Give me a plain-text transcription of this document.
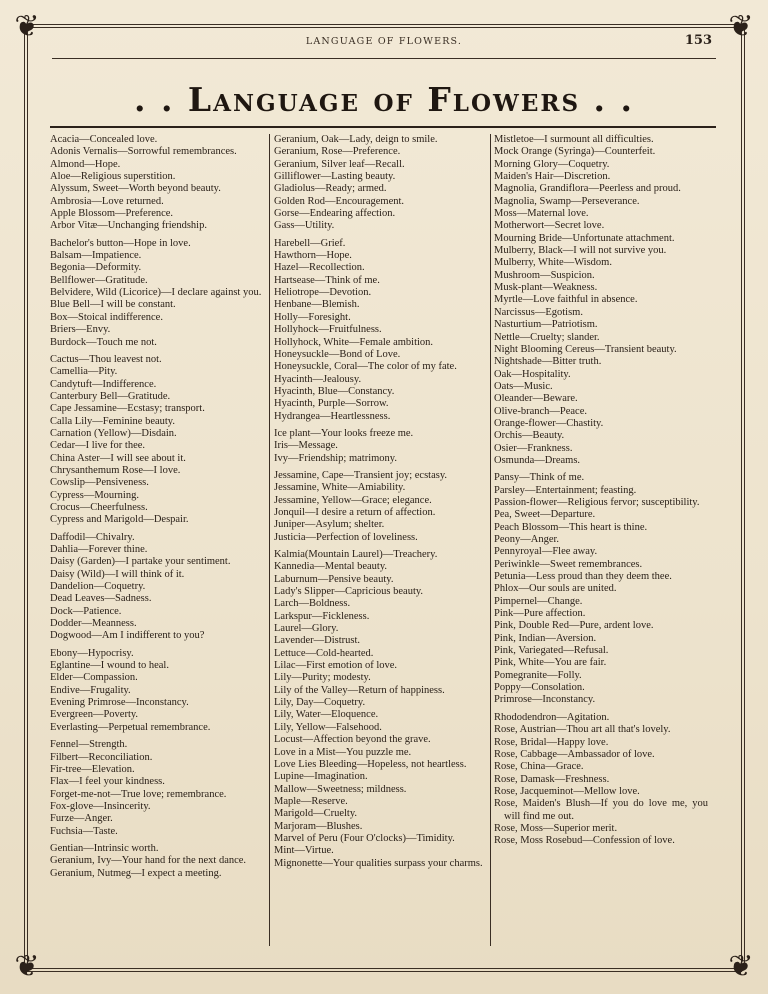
❦	❦
❦	❦
LANGUAGE OF FLOWERS.	153
. . Language of Flowers . .
Acacia—Concealed love.
Adonis Vernalis—Sorrowful remembrances.
Almond—Hope.
Aloe—Religious superstition.
Alyssum, Sweet—Worth beyond beauty.
Ambrosia—Love returned.
Apple Blossom—Preference.
Arbor Vitæ—Unchanging friendship.
Bachelor's button—Hope in love.
Balsam—Impatience.
Begonia—Deformity.
Bellflower—Gratitude.
Belvidere, Wild (Licorice)—I declare against you.
Blue Bell—I will be constant.
Box—Stoical indifference.
Briers—Envy.
Burdock—Touch me not.
Cactus—Thou leavest not.
Camellia—Pity.
Candytuft—Indifference.
Canterbury Bell—Gratitude.
Cape Jessamine—Ecstasy; transport.
Calla Lily—Feminine beauty.
Carnation (Yellow)—Disdain.
Cedar—I live for thee.
China Aster—I will see about it.
Chrysanthemum Rose—I love.
Cowslip—Pensiveness.
Cypress—Mourning.
Crocus—Cheerfulness.
Cypress and Marigold—Despair.
Daffodil—Chivalry.
Dahlia—Forever thine.
Daisy (Garden)—I partake your sentiment.
Daisy (Wild)—I will think of it.
Dandelion—Coquetry.
Dead Leaves—Sadness.
Dock—Patience.
Dodder—Meanness.
Dogwood—Am I indifferent to you?
Ebony—Hypocrisy.
Eglantine—I wound to heal.
Elder—Compassion.
Endive—Frugality.
Evening Primrose—Inconstancy.
Evergreen—Poverty.
Everlasting—Perpetual remembrance.
Fennel—Strength.
Filbert—Reconciliation.
Fir-tree—Elevation.
Flax—I feel your kindness.
Forget-me-not—True love; remembrance.
Fox-glove—Insincerity.
Furze—Anger.
Fuchsia—Taste.
Gentian—Intrinsic worth.
Geranium, Ivy—Your hand for the next dance.
Geranium, Nutmeg—I expect a meeting.
Geranium, Oak—Lady, deign to smile.
Geranium, Rose—Preference.
Geranium, Silver leaf—Recall.
Gilliflower—Lasting beauty.
Gladiolus—Ready; armed.
Golden Rod—Encouragement.
Gorse—Endearing affection.
Gass—Utility.
Harebell—Grief.
Hawthorn—Hope.
Hazel—Recollection.
Hartsease—Think of me.
Heliotrope—Devotion.
Henbane—Blemish.
Holly—Foresight.
Hollyhock—Fruitfulness.
Hollyhock, White—Female ambition.
Honeysuckle—Bond of Love.
Honeysuckle, Coral—The color of my fate.
Hyacinth—Jealousy.
Hyacinth, Blue—Constancy.
Hyacinth, Purple—Sorrow.
Hydrangea—Heartlessness.
Ice plant—Your looks freeze me.
Iris—Message.
Ivy—Friendship; matrimony.
Jessamine, Cape—Transient joy; ecstasy.
Jessamine, White—Amiability.
Jessamine, Yellow—Grace; elegance.
Jonquil—I desire a return of affection.
Juniper—Asylum; shelter.
Justicia—Perfection of loveliness.
Kalmia(Mountain Laurel)—Treachery.
Kannedia—Mental beauty.
Laburnum—Pensive beauty.
Lady's Slipper—Capricious beauty.
Larch—Boldness.
Larkspur—Fickleness.
Laurel—Glory.
Lavender—Distrust.
Lettuce—Cold-hearted.
Lilac—First emotion of love.
Lily—Purity; modesty.
Lily of the Valley—Return of happiness.
Lily, Day—Coquetry.
Lily, Water—Eloquence.
Lily, Yellow—Falsehood.
Locust—Affection beyond the grave.
Love in a Mist—You puzzle me.
Love Lies Bleeding—Hopeless, not heartless.
Lupine—Imagination.
Mallow—Sweetness; mildness.
Maple—Reserve.
Marigold—Cruelty.
Marjoram—Blushes.
Marvel of Peru (Four O'clocks)—Timidity.
Mint—Virtue.
Mignonette—Your qualities surpass your charms.
Mistletoe—I surmount all difficulties.
Mock Orange (Syringa)—Counterfeit.
Morning Glory—Coquetry.
Maiden's Hair—Discretion.
Magnolia, Grandiflora—Peerless and proud.
Magnolia, Swamp—Perseverance.
Moss—Maternal love.
Motherwort—Secret love.
Mourning Bride—Unfortunate attachment.
Mulberry, Black—I will not survive you.
Mulberry, White—Wisdom.
Mushroom—Suspicion.
Musk-plant—Weakness.
Myrtle—Love faithful in absence.
Narcissus—Egotism.
Nasturtium—Patriotism.
Nettle—Cruelty; slander.
Night Blooming Cereus—Transient beauty.
Nightshade—Bitter truth.
Oak—Hospitality.
Oats—Music.
Oleander—Beware.
Olive-branch—Peace.
Orange-flower—Chastity.
Orchis—Beauty.
Osier—Frankness.
Osmunda—Dreams.
Pansy—Think of me.
Parsley—Entertainment; feasting.
Passion-flower—Religious fervor; susceptibility.
Pea, Sweet—Departure.
Peach Blossom—This heart is thine.
Peony—Anger.
Pennyroyal—Flee away.
Periwinkle—Sweet remembrances.
Petunia—Less proud than they deem thee.
Phlox—Our souls are united.
Pimpernel—Change.
Pink—Pure affection.
Pink, Double Red—Pure, ardent love.
Pink, Indian—Aversion.
Pink, Variegated—Refusal.
Pink, White—You are fair.
Pomegranite—Folly.
Poppy—Consolation.
Primrose—Inconstancy.
Rhododendron—Agitation.
Rose, Austrian—Thou art all that's lovely.
Rose, Bridal—Happy love.
Rose, Cabbage—Ambassador of love.
Rose, China—Grace.
Rose, Damask—Freshness.
Rose, Jacqueminot—Mellow love.
Rose, Maiden's Blush—If you do love me, you will find me out.
Rose, Moss—Superior merit.
Rose, Moss Rosebud—Confession of love.
